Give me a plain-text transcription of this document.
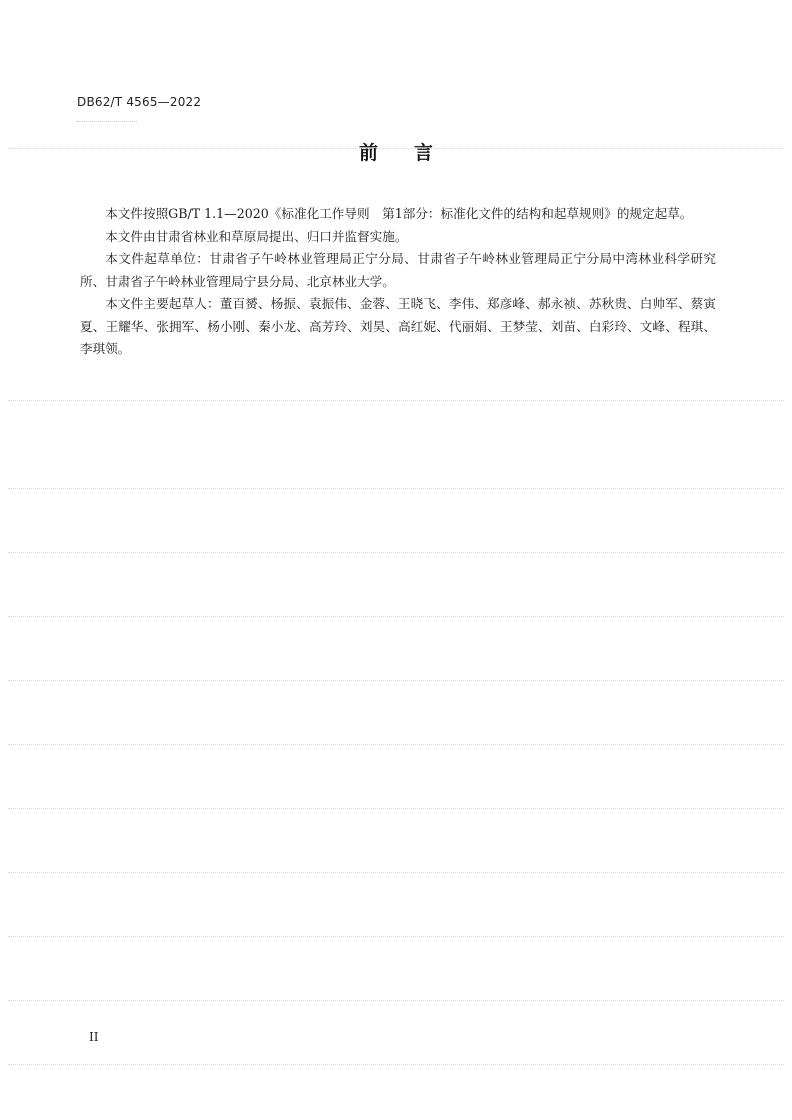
DB62/T 4565—2022
前言

本文件按照GB/T 1.1—2020《标准化工作导则　第1部分：标准化文件的结构和起草规则》的规定起草。

本文件由甘肃省林业和草原局提出、归口并监督实施。

本文件起草单位：甘肃省子午岭林业管理局正宁分局、甘肃省子午岭林业管理局正宁分局中湾林业科学研究所、甘肃省子午岭林业管理局宁县分局、北京林业大学。

本文件主要起草人：董百赟、杨振、袁振伟、金蓉、王晓飞、李伟、郑彦峰、郝永祯、苏秋贵、白帅军、蔡寅夏、王耀华、张拥军、杨小刚、秦小龙、高芳玲、刘昊、高红妮、代丽娟、王梦莹、刘苗、白彩玲、文峰、程琪、李琪领。

II
